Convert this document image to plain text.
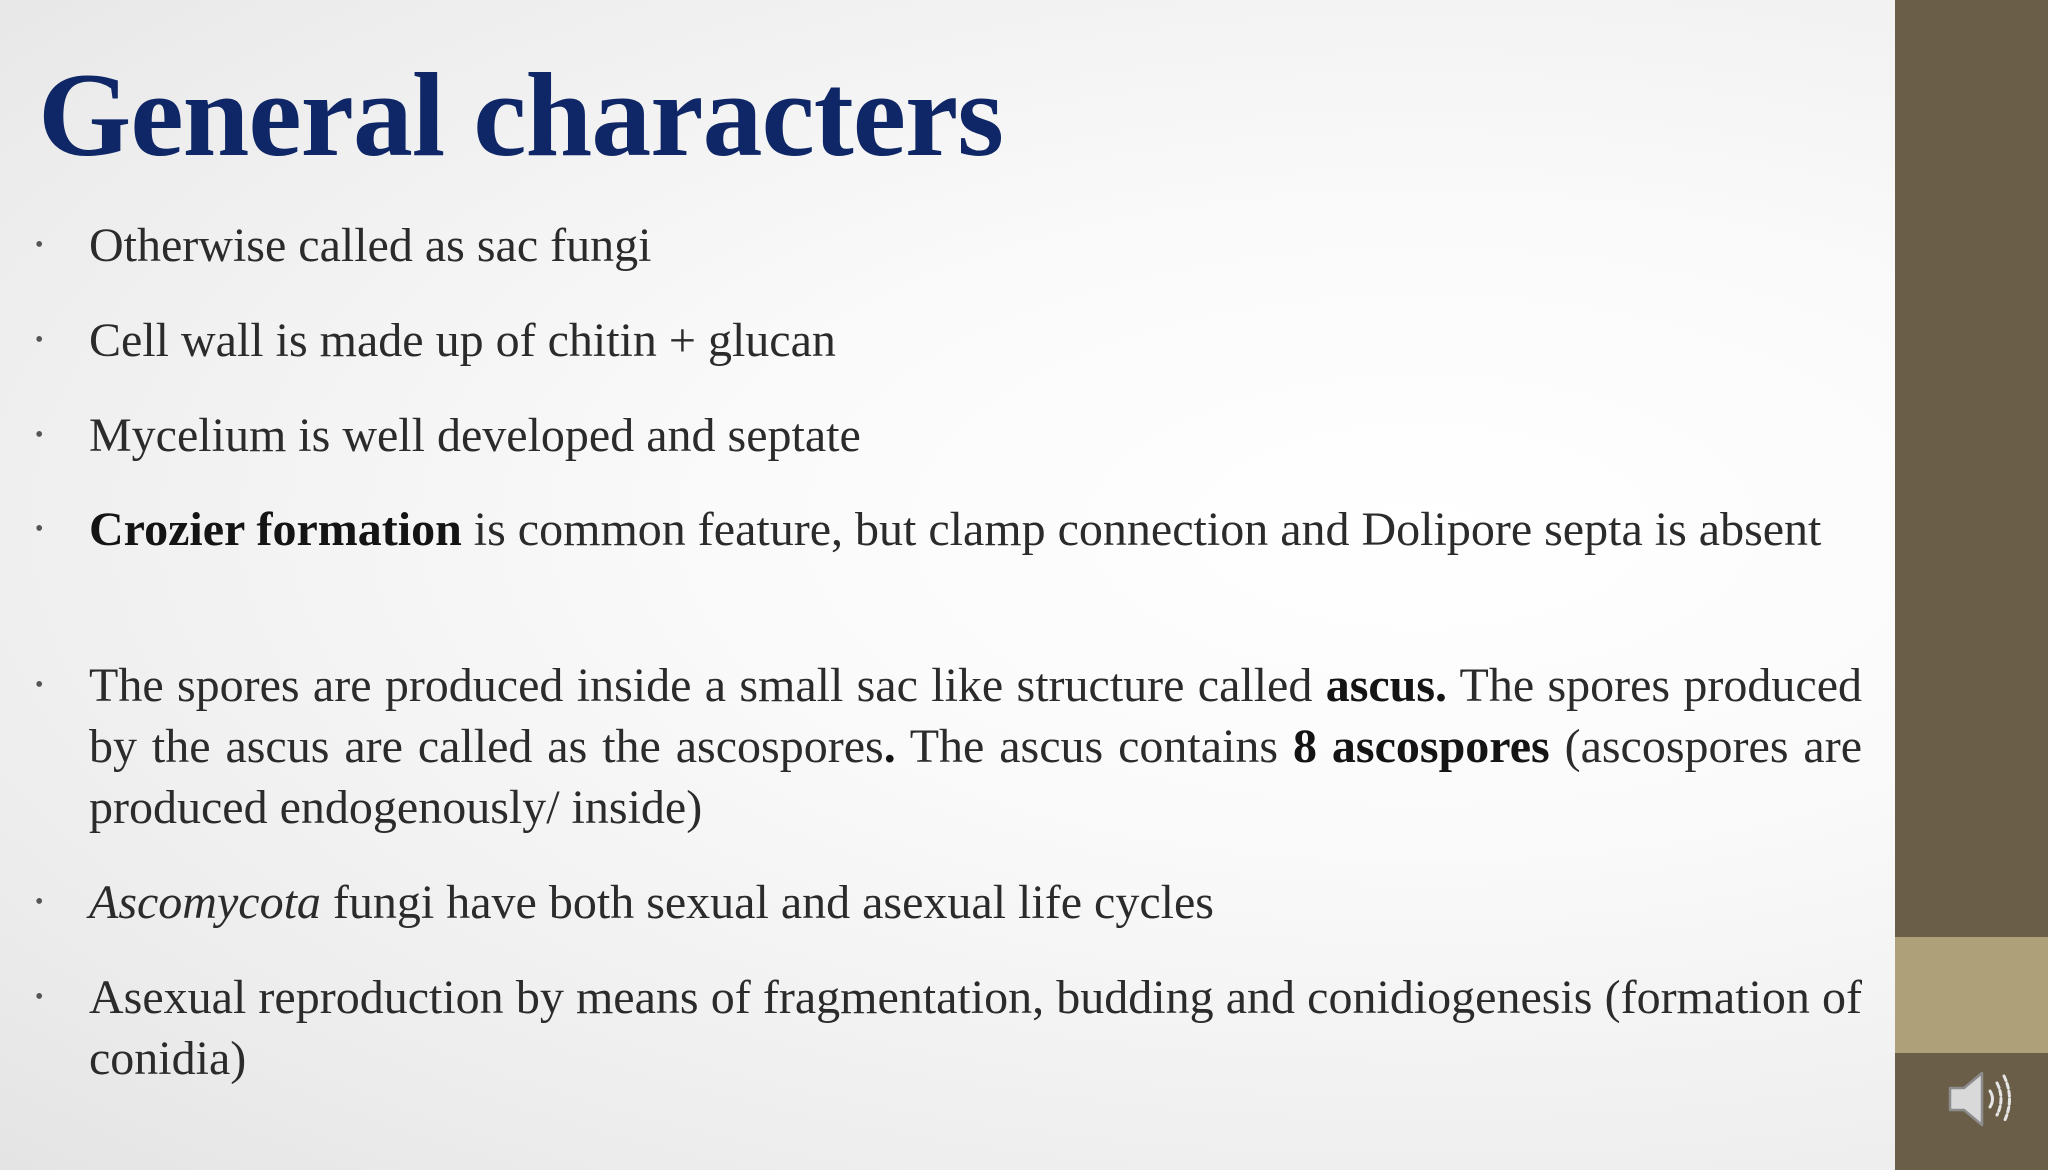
General characters
• Otherwise called as sac fungi
• Cell wall is made up of chitin + glucan
• Mycelium is well developed and septate
• Crozier formation is common feature, but clamp connection and Dolipore septa is absent
• The spores are produced inside a small sac like structure called ascus. The spores produced by the ascus are called as the ascospores. The ascus contains 8 ascospores (ascospores are produced endogenously/ inside)
• Ascomycota fungi have both sexual and asexual life cycles
• Asexual reproduction by means of fragmentation, budding and conidiogenesis (formation of conidia)
